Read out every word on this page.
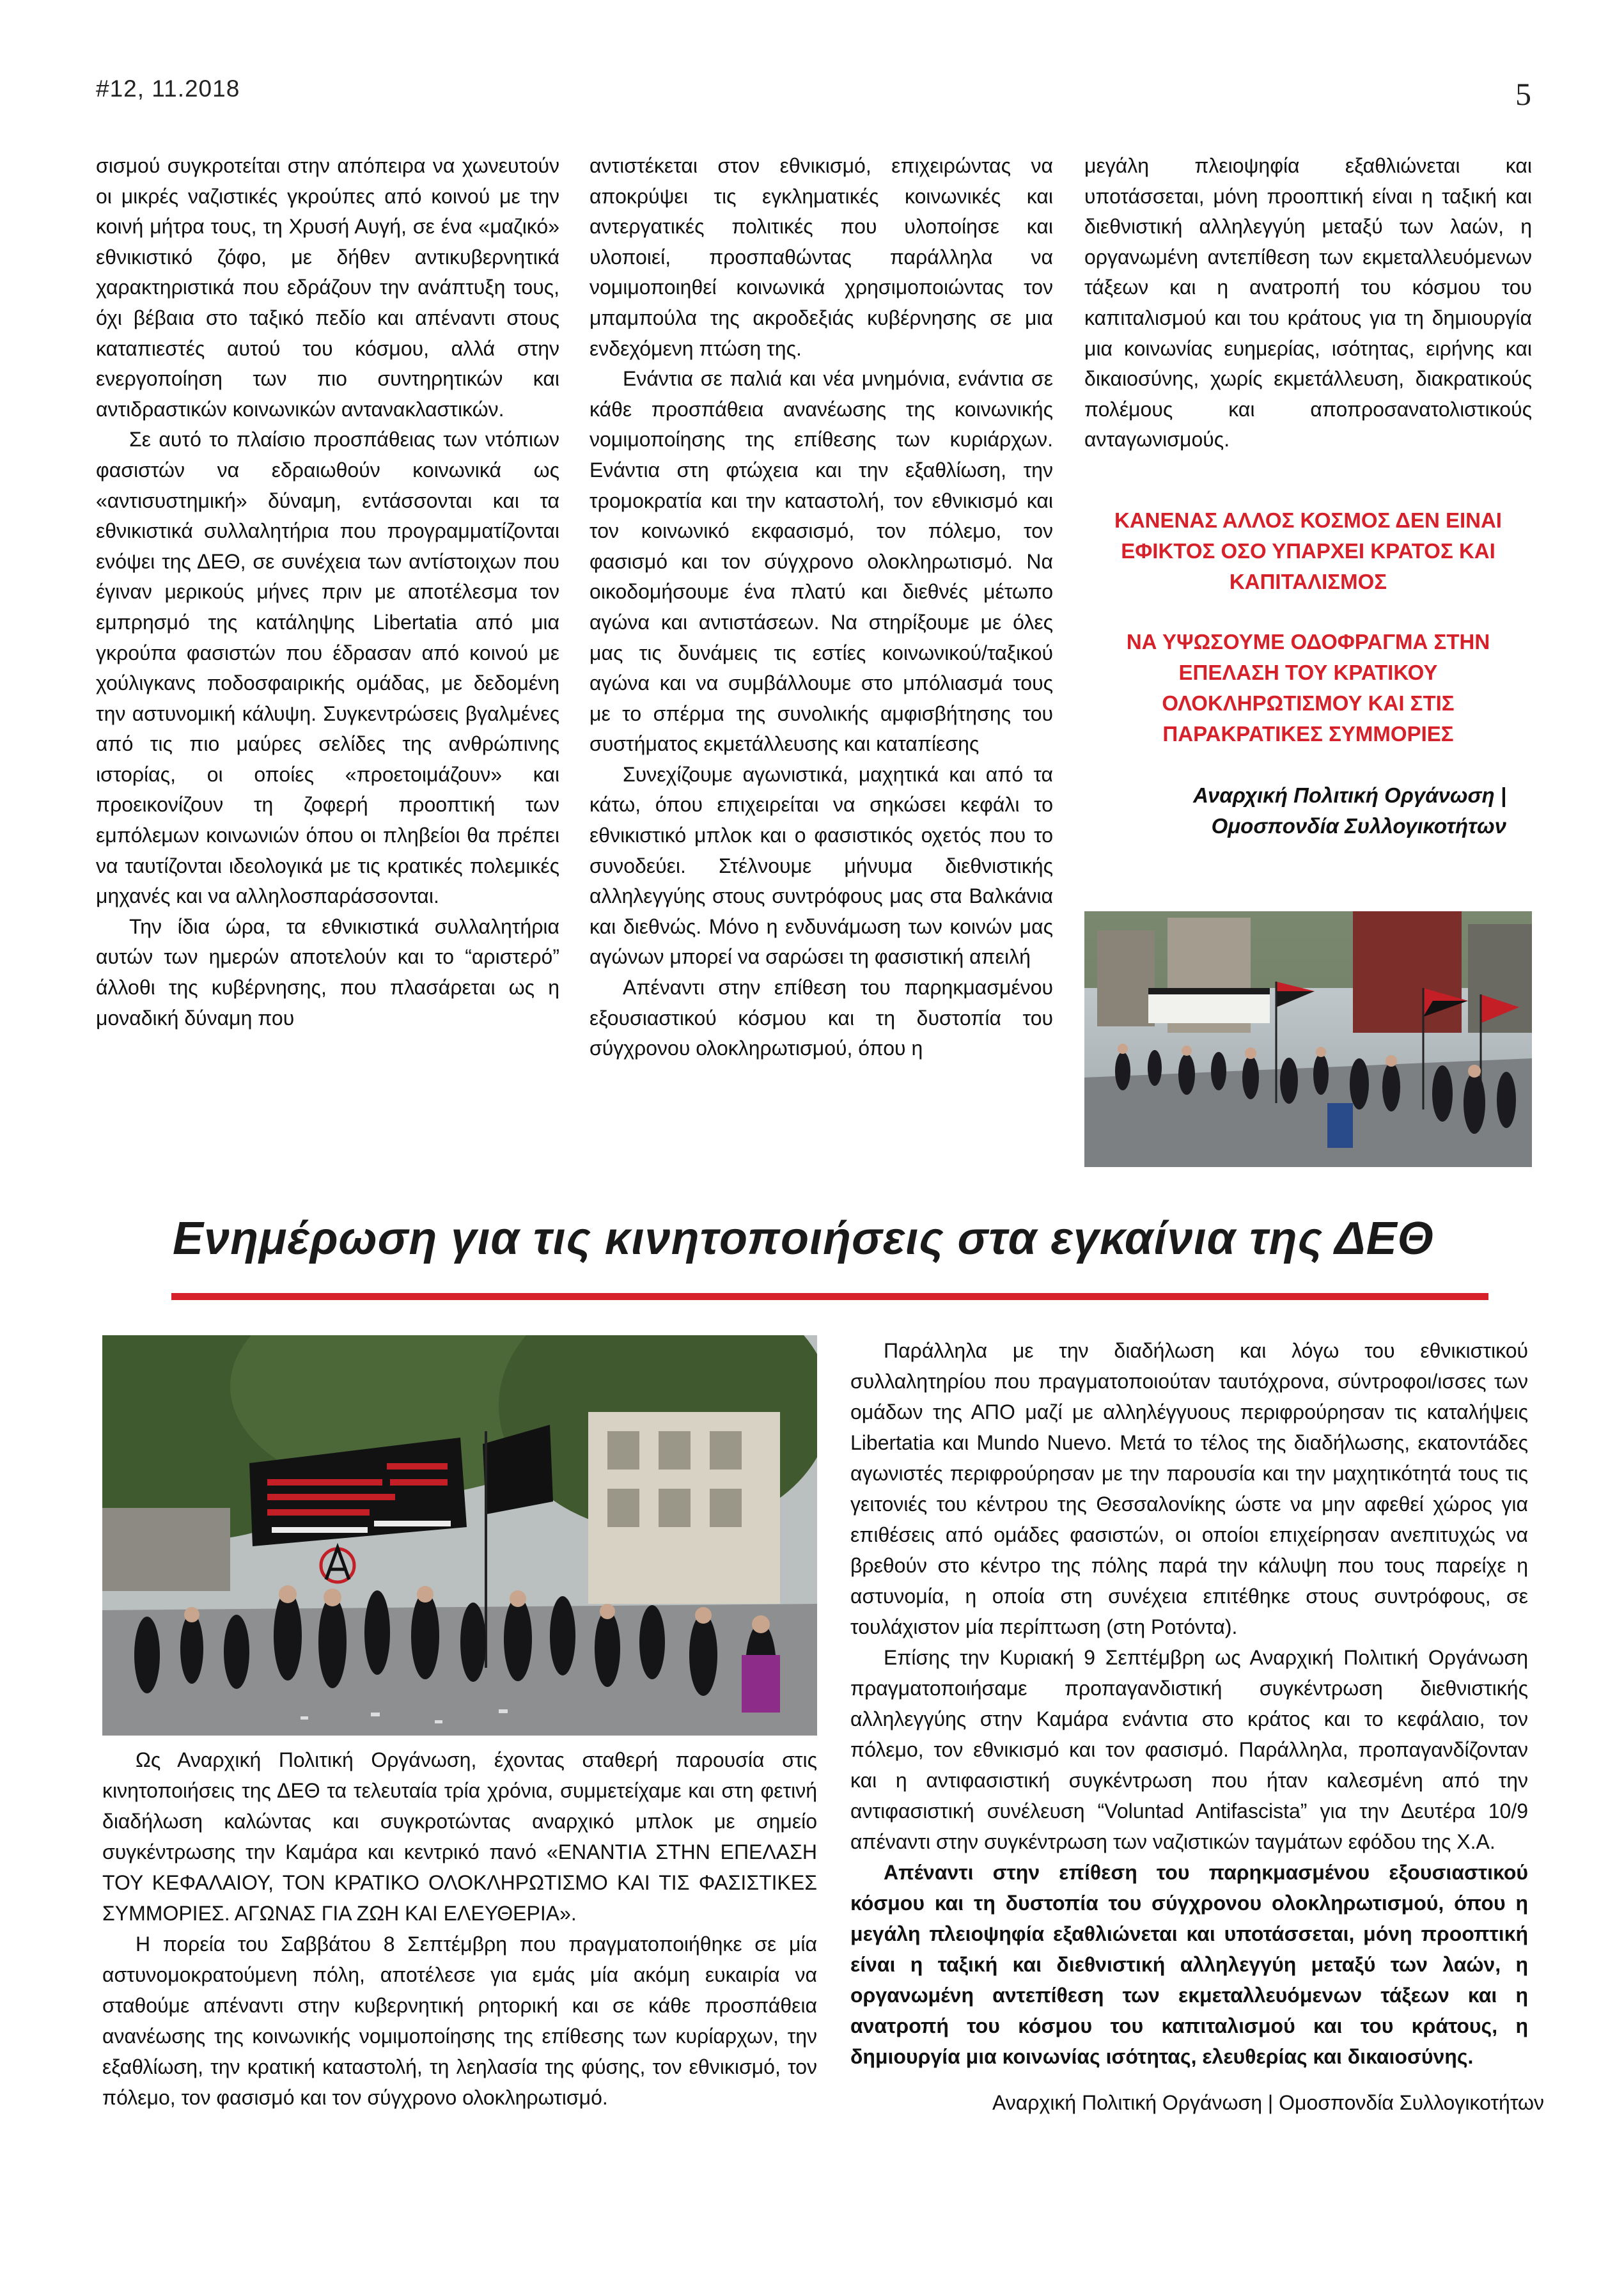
#12, 11.2018	5

σισμού συγκροτείται στην απόπειρα να χωνευτούν οι μικρές ναζιστικές γκρούπες από κοινού με την κοινή μήτρα τους, τη Χρυσή Αυγή, σε ένα «μαζικό» εθνικιστικό ζόφο, με δήθεν αντικυβερνητικά χαρακτηριστικά που εδράζουν την ανάπτυξη τους, όχι βέβαια στο ταξικό πεδίο και απέναντι στους καταπιεστές αυτού του κόσμου, αλλά στην ενεργοποίηση των πιο συντηρητικών και αντιδραστικών κοινωνικών αντανακλαστικών.

Σε αυτό το πλαίσιο προσπάθειας των ντόπιων φασιστών να εδραιωθούν κοινωνικά ως «αντισυστημική» δύναμη, εντάσσονται και τα εθνικιστικά συλλαλητήρια που προγραμματίζονται ενόψει της ΔΕΘ, σε συνέχεια των αντίστοιχων που έγιναν μερικούς μήνες πριν με αποτέλεσμα τον εμπρησμό της κατάληψης Libertatia από μια γκρούπα φασιστών που έδρασαν από κοινού με χούλιγκανς ποδοσφαιρικής ομάδας, με δεδομένη την αστυνομική κάλυψη. Συγκεντρώσεις βγαλμένες από τις πιο μαύρες σελίδες της ανθρώπινης ιστορίας, οι οποίες «προετοιμάζουν» και προεικονίζουν τη ζοφερή προοπτική των εμπόλεμων κοινωνιών όπου οι πληβείοι θα πρέπει να ταυτίζονται ιδεολογικά με τις κρατικές πολεμικές μηχανές και να αλληλοσπαράσσονται.

Την ίδια ώρα, τα εθνικιστικά συλλαλητήρια αυτών των ημερών αποτελούν και το “αριστερό” άλλοθι της κυβέρνησης, που πλασάρεται ως η μοναδική δύναμη που

αντιστέκεται στον εθνικισμό, επιχειρώντας να αποκρύψει τις εγκληματικές κοινωνικές και αντεργατικές πολιτικές που υλοποίησε και υλοποιεί, προσπαθώντας παράλληλα να νομιμοποιηθεί κοινωνικά χρησιμοποιώντας τον μπαμπούλα της ακροδεξιάς κυβέρνησης σε μια ενδεχόμενη πτώση της.

Ενάντια σε παλιά και νέα μνημόνια, ενάντια σε κάθε προσπάθεια ανανέωσης της κοινωνικής νομιμοποίησης της επίθεσης των κυριάρχων. Ενάντια στη φτώχεια και την εξαθλίωση, την τρομοκρατία και την καταστολή, τον εθνικισμό και τον κοινωνικό εκφασισμό, τον πόλεμο, τον φασισμό και τον σύγχρονο ολοκληρωτισμό. Να οικοδομήσουμε ένα πλατύ και διεθνές μέτωπο αγώνα και αντιστάσεων. Να στηρίξουμε με όλες μας τις δυνάμεις τις εστίες κοινωνικού/ταξικού αγώνα και να συμβάλλουμε στο μπόλιασμά τους με το σπέρμα της συνολικής αμφισβήτησης του συστήματος εκμετάλλευσης και καταπίεσης

Συνεχίζουμε αγωνιστικά, μαχητικά και από τα κάτω, όπου επιχειρείται να σηκώσει κεφάλι το εθνικιστικό μπλοκ και ο φασιστικός οχετός που το συνοδεύει. Στέλνουμε μήνυμα διεθνιστικής αλληλεγγύης στους συντρόφους μας στα Βαλκάνια και διεθνώς. Μόνο η ενδυνάμωση των κοινών μας αγώνων μπορεί να σαρώσει τη φασιστική απειλή

Απέναντι στην επίθεση του παρηκμασμένου εξουσιαστικού κόσμου και τη δυστοπία του σύγχρονου ολοκληρωτισμού, όπου η

μεγάλη πλειοψηφία εξαθλιώνεται και υποτάσσεται, μόνη προοπτική είναι η ταξική και διεθνιστική αλληλεγγύη μεταξύ των λαών, η οργανωμένη αντεπίθεση των εκμεταλλευόμενων τάξεων και η ανατροπή του κόσμου του καπιταλισμού και του κράτους για τη δημιουργία μια κοινωνίας ευημερίας, ισότητας, ειρήνης και δικαιοσύνης, χωρίς εκμετάλλευση, διακρατικούς πολέμους και αποπροσανατολιστικούς ανταγωνισμούς.

ΚΑΝΕΝΑΣ ΑΛΛΟΣ ΚΟΣΜΟΣ ΔΕΝ ΕΙΝΑΙ ΕΦΙΚΤΟΣ ΟΣΟ ΥΠΑΡΧΕΙ ΚΡΑΤΟΣ ΚΑΙ ΚΑΠΙΤΑΛΙΣΜΟΣ
ΝΑ ΥΨΩΣΟΥΜΕ ΟΔΟΦΡΑΓΜΑ ΣΤΗΝ ΕΠΕΛΑΣΗ ΤΟΥ ΚΡΑΤΙΚΟΥ ΟΛΟΚΛΗΡΩΤΙΣΜΟΥ ΚΑΙ ΣΤΙΣ ΠΑΡΑΚΡΑΤΙΚΕΣ ΣΥΜΜΟΡΙΕΣ
Αναρχική Πολιτική Οργάνωση | Ομοσπονδία Συλλογικοτήτων
Ενημέρωση για τις κινητοποιήσεις στα εγκαίνια της ΔΕΘ

Ως Αναρχική Πολιτική Οργάνωση, έχοντας σταθερή παρουσία στις κινητοποιήσεις της ΔΕΘ τα τελευταία τρία χρόνια, συμμετείχαμε και στη φετινή διαδήλωση καλώντας και συγκροτώντας αναρχικό μπλοκ με σημείο συγκέντρωσης την Καμάρα και κεντρικό πανό «ΕΝΑΝΤΙΑ ΣΤΗΝ ΕΠΕΛΑΣΗ ΤΟΥ ΚΕΦΑΛΑΙΟΥ, ΤΟΝ ΚΡΑΤΙΚΟ ΟΛΟΚΛΗΡΩΤΙΣΜΟ ΚΑΙ ΤΙΣ ΦΑΣΙΣΤΙΚΕΣ ΣΥΜΜΟΡΙΕΣ. ΑΓΩΝΑΣ ΓΙΑ ΖΩΗ ΚΑΙ ΕΛΕΥΘΕΡΙΑ».

Η πορεία του Σαββάτου 8 Σεπτέμβρη που πραγματοποιήθηκε σε μία αστυνομοκρατούμενη πόλη, αποτέλεσε για εμάς μία ακόμη ευκαιρία να σταθούμε απέναντι στην κυβερνητική ρητορική και σε κάθε προσπάθεια ανανέωσης της κοινωνικής νομιμοποίησης της επίθεσης των κυρίαρχων, την εξαθλίωση, την κρατική καταστολή, τη λεηλασία της φύσης, τον εθνικισμό, τον πόλεμο, τον φασισμό και τον σύγχρονο ολοκληρωτισμό.

Παράλληλα με την διαδήλωση και λόγω του εθνικιστικού συλλαλητηρίου που πραγματοποιούταν ταυτόχρονα, σύντροφοι/ισσες των ομάδων της ΑΠΟ μαζί με αλληλέγγυους περιφρούρησαν τις καταλήψεις Libertatia και Mundo Nuevo. Μετά το τέλος της διαδήλωσης, εκατοντάδες αγωνιστές περιφρούρησαν με την παρουσία και την μαχητικότητά τους τις γειτονιές του κέντρου της Θεσσαλονίκης ώστε να μην αφεθεί χώρος για επιθέσεις από ομάδες φασιστών, οι οποίοι επιχείρησαν ανεπιτυχώς να βρεθούν στο κέντρο της πόλης παρά την κάλυψη που τους παρείχε η αστυνομία, η οποία στη συνέχεια επιτέθηκε στους συντρόφους, σε τουλάχιστον μία περίπτωση (στη Ροτόντα).

Επίσης την Κυριακή 9 Σεπτέμβρη ως Αναρχική Πολιτική Οργάνωση πραγματοποιήσαμε προπαγανδιστική συγκέντρωση διεθνιστικής αλληλεγγύης στην Καμάρα ενάντια στο κράτος και το κεφάλαιο, τον πόλεμο, τον εθνικισμό και τον φασισμό. Παράλληλα, προπαγανδίζονταν και η αντιφασιστική συγκέντρωση που ήταν καλεσμένη από την αντιφασιστική συνέλευση “Voluntad Antifascista” για την Δευτέρα 10/9 απέναντι στην συγκέντρωση των ναζιστικών ταγμάτων εφόδου της Χ.Α.

Απέναντι στην επίθεση του παρηκμασμένου εξουσιαστικού κόσμου και τη δυστοπία του σύγχρονου ολοκληρωτισμού, όπου η μεγάλη πλειοψηφία εξαθλιώνεται και υποτάσσεται, μόνη προοπτική είναι η ταξική και διεθνιστική αλληλεγγύη μεταξύ των λαών, η οργανωμένη αντεπίθεση των εκμεταλλευόμενων τάξεων και η ανατροπή του κόσμου του καπιταλισμού και του κράτους, η δημιουργία μια κοινωνίας ισότητας, ελευθερίας και δικαιοσύνης.

Αναρχική Πολιτική Οργάνωση | Ομοσπονδία Συλλογικοτήτων
